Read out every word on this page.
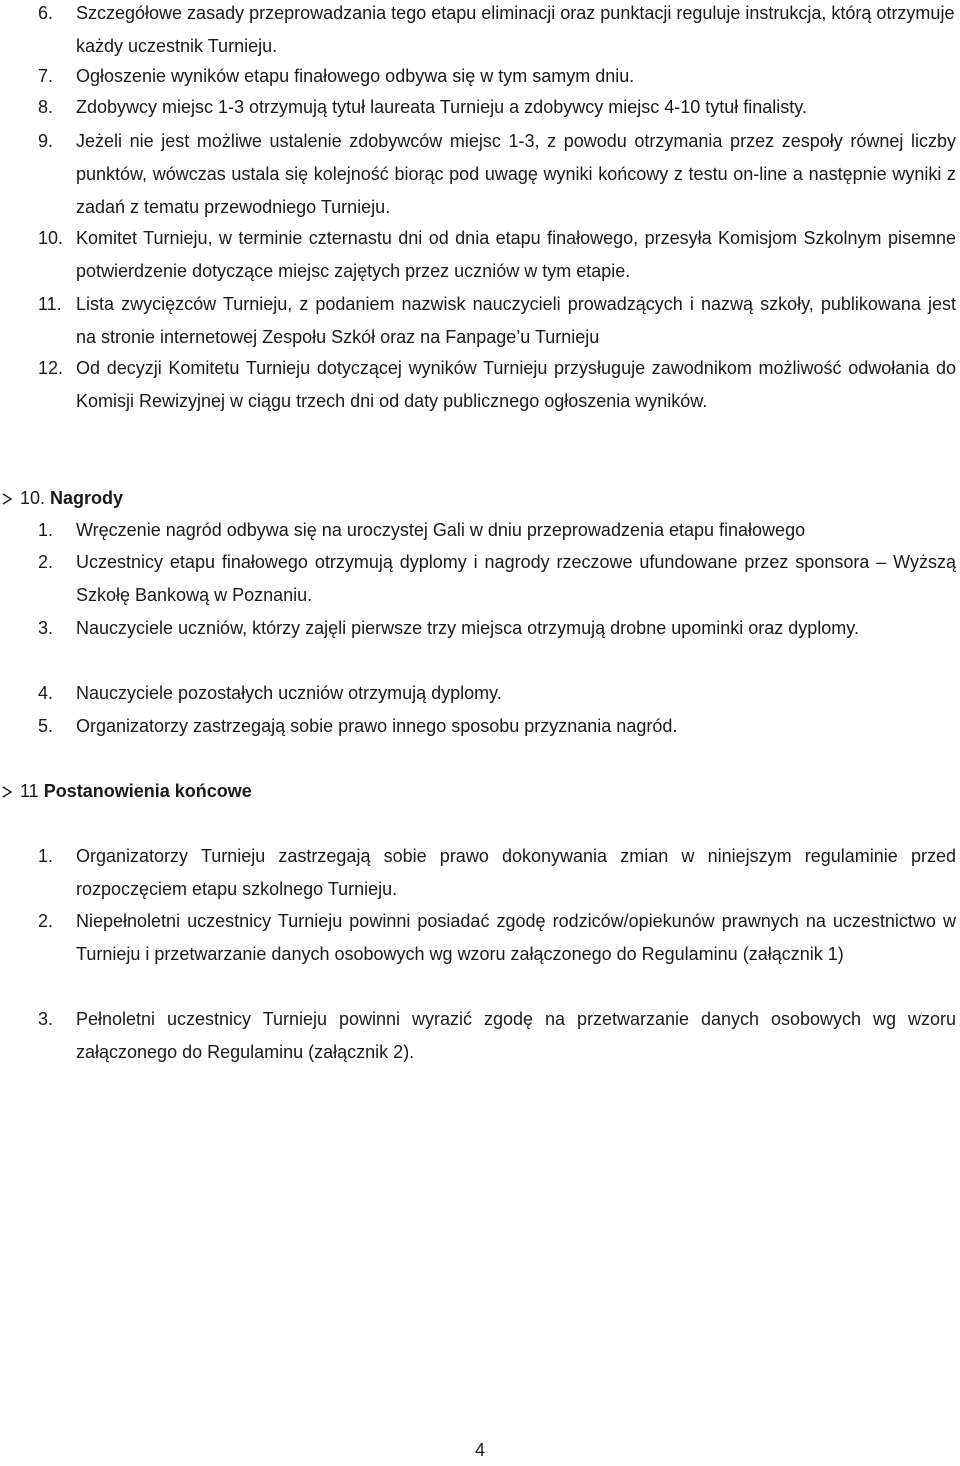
6. Szczegółowe zasady przeprowadzania tego etapu eliminacji oraz punktacji reguluje instrukcja, którą otrzymuje każdy uczestnik Turnieju.
7. Ogłoszenie wyników etapu finałowego odbywa się w tym samym dniu.
8. Zdobywcy miejsc 1-3 otrzymują tytuł laureata Turnieju a zdobywcy miejsc 4-10 tytuł finalisty.
9. Jeżeli nie jest możliwe ustalenie zdobywców miejsc 1-3, z powodu otrzymania przez zespoły równej liczby punktów, wówczas ustala się kolejność biorąc pod uwagę wyniki końcowy z testu on-line a następnie wyniki z zadań z tematu przewodniego Turnieju.
10. Komitet Turnieju, w terminie czternastu dni od dnia etapu finałowego, przesyła Komisjom Szkolnym pisemne potwierdzenie dotyczące miejsc zajętych przez uczniów w tym etapie.
11. Lista zwycięzców Turnieju, z podaniem nazwisk nauczycieli prowadzących i nazwą szkoły, publikowana jest na stronie internetowej Zespołu Szkół oraz na Fanpage’u Turnieju
12. Od decyzji Komitetu Turnieju dotyczącej wyników Turnieju przysługuje zawodnikom możliwość odwołania do Komisji Rewizyjnej w ciągu trzech dni od daty publicznego ogłoszenia wyników.
10. Nagrody
1. Wręczenie nagród odbywa się na uroczystej Gali w dniu przeprowadzenia etapu finałowego
2. Uczestnicy etapu finałowego otrzymują dyplomy i nagrody rzeczowe ufundowane przez sponsora – Wyższą Szkołę Bankową w Poznaniu.
3. Nauczyciele uczniów, którzy zajęli pierwsze trzy miejsca otrzymują drobne upominki oraz dyplomy.
4. Nauczyciele pozostałych uczniów otrzymują dyplomy.
5. Organizatorzy zastrzegają sobie prawo innego sposobu przyznania nagród.
11 Postanowienia końcowe
1. Organizatorzy Turnieju zastrzegają sobie prawo dokonywania zmian w niniejszym regulaminie przed rozpoczęciem etapu szkolnego Turnieju.
2. Niepełnoletni uczestnicy Turnieju powinni posiadać zgodę rodziców/opiekunów prawnych na uczestnictwo w Turnieju i przetwarzanie danych osobowych wg wzoru załączonego do Regulaminu (załącznik 1)
3. Pełnoletni uczestnicy Turnieju powinni wyrazić zgodę na przetwarzanie danych osobowych wg wzoru załączonego do Regulaminu (załącznik 2).
4
